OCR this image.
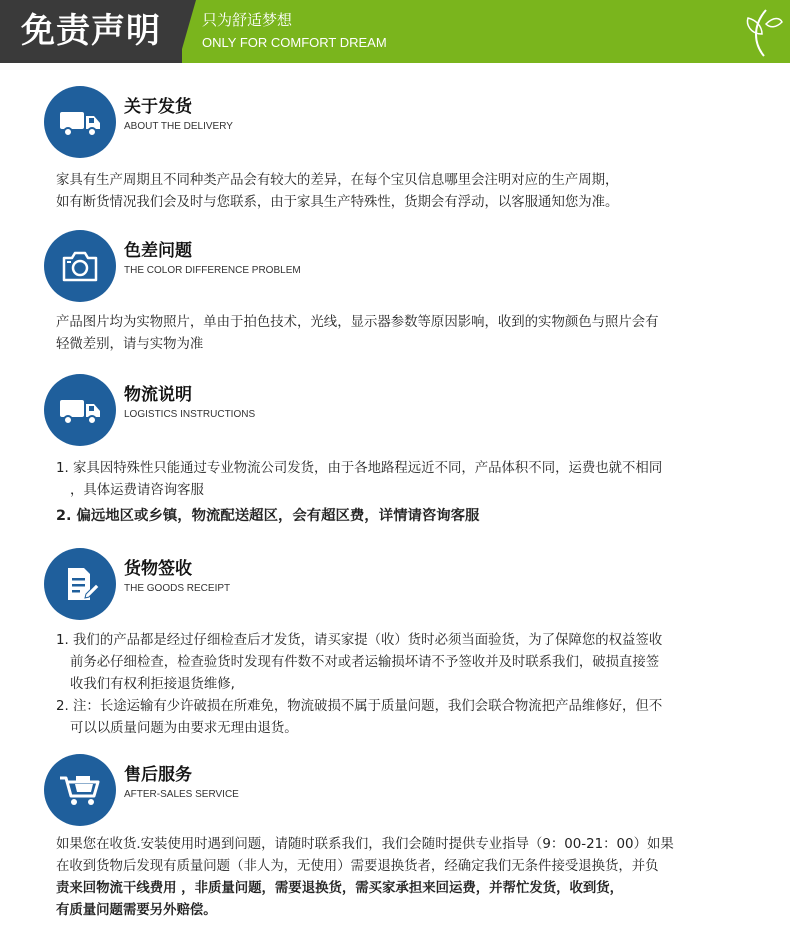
免责声明	只为舒适梦想
ONLY FOR COMFORT DREAM
关于发货
ABOUT THE DELIVERY

家具有生产周期且不同种类产品会有较大的差异，在每个宝贝信息哪里会注明对应的生产周期，

如有断货情况我们会及时与您联系，由于家具生产特殊性，货期会有浮动，以客服通知您为准。

色差问题
THE COLOR DIFFERENCE PROBLEM

产品图片均为实物照片，单由于拍色技术，光线，显示器参数等原因影响，收到的实物颜色与照片会有

轻微差别，请与实物为准

物流说明
LOGISTICS INSTRUCTIONS

1. 家具因特殊性只能通过专业物流公司发货，由于各地路程远近不同，产品体积不同，运费也就不相同

，具体运费请咨询客服

2. 偏远地区或乡镇，物流配送超区，会有超区费，详情请咨询客服

货物签收
THE GOODS RECEIPT

1. 我们的产品都是经过仔细检查后才发货，请买家提（收）货时必须当面验货，为了保障您的权益签收

前务必仔细检查，检查验货时发现有件数不对或者运输损坏请不予签收并及时联系我们，破损直接签

收我们有权利拒接退货维修,

2. 注：长途运输有少许破损在所难免，物流破损不属于质量问题，我们会联合物流把产品维修好，但不

可以以质量问题为由要求无理由退货。

售后服务
AFTER-SALES SERVICE

如果您在收货.安装使用时遇到问题，请随时联系我们，我们会随时提供专业指导（9：00-21：00）如果

在收到货物后发现有质量问题（非人为，无使用）需要退换货者，经确定我们无条件接受退换货，并负

责来回物流干线费用 ，非质量问题，需要退换货，需买家承担来回运费，并帮忙发货，收到货，

有质量问题需要另外赔偿。
